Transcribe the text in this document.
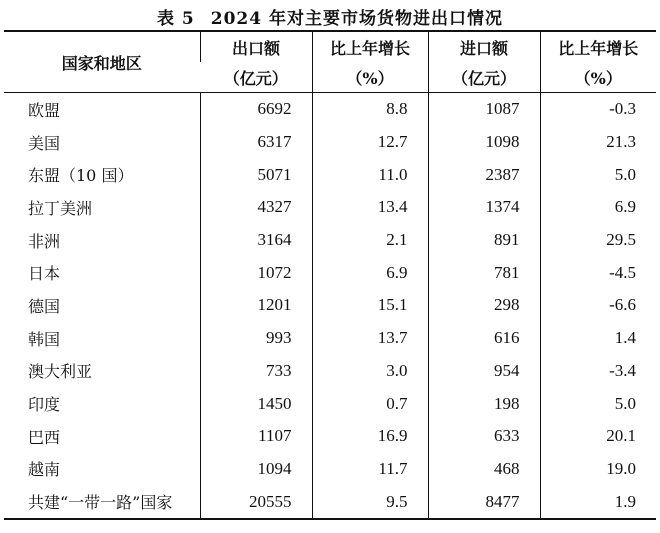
表 5 2024 年对主要市场货物进出口情况
国家和地区	出口额	比上年增长	进口额	比上年增长
	（亿元）	（%）	（亿元）	（%）
欧盟	6692	8.8	1087	-0.3
美国	6317	12.7	1098	21.3
东盟（10 国）	5071	11.0	2387	5.0
拉丁美洲	4327	13.4	1374	6.9
非洲	3164	2.1	891	29.5
日本	1072	6.9	781	-4.5
德国	1201	15.1	298	-6.6
韩国	993	13.7	616	1.4
澳大利亚	733	3.0	954	-3.4
印度	1450	0.7	198	5.0
巴西	1107	16.9	633	20.1
越南	1094	11.7	468	19.0
共建“一带一路”国家	20555	9.5	8477	1.9
